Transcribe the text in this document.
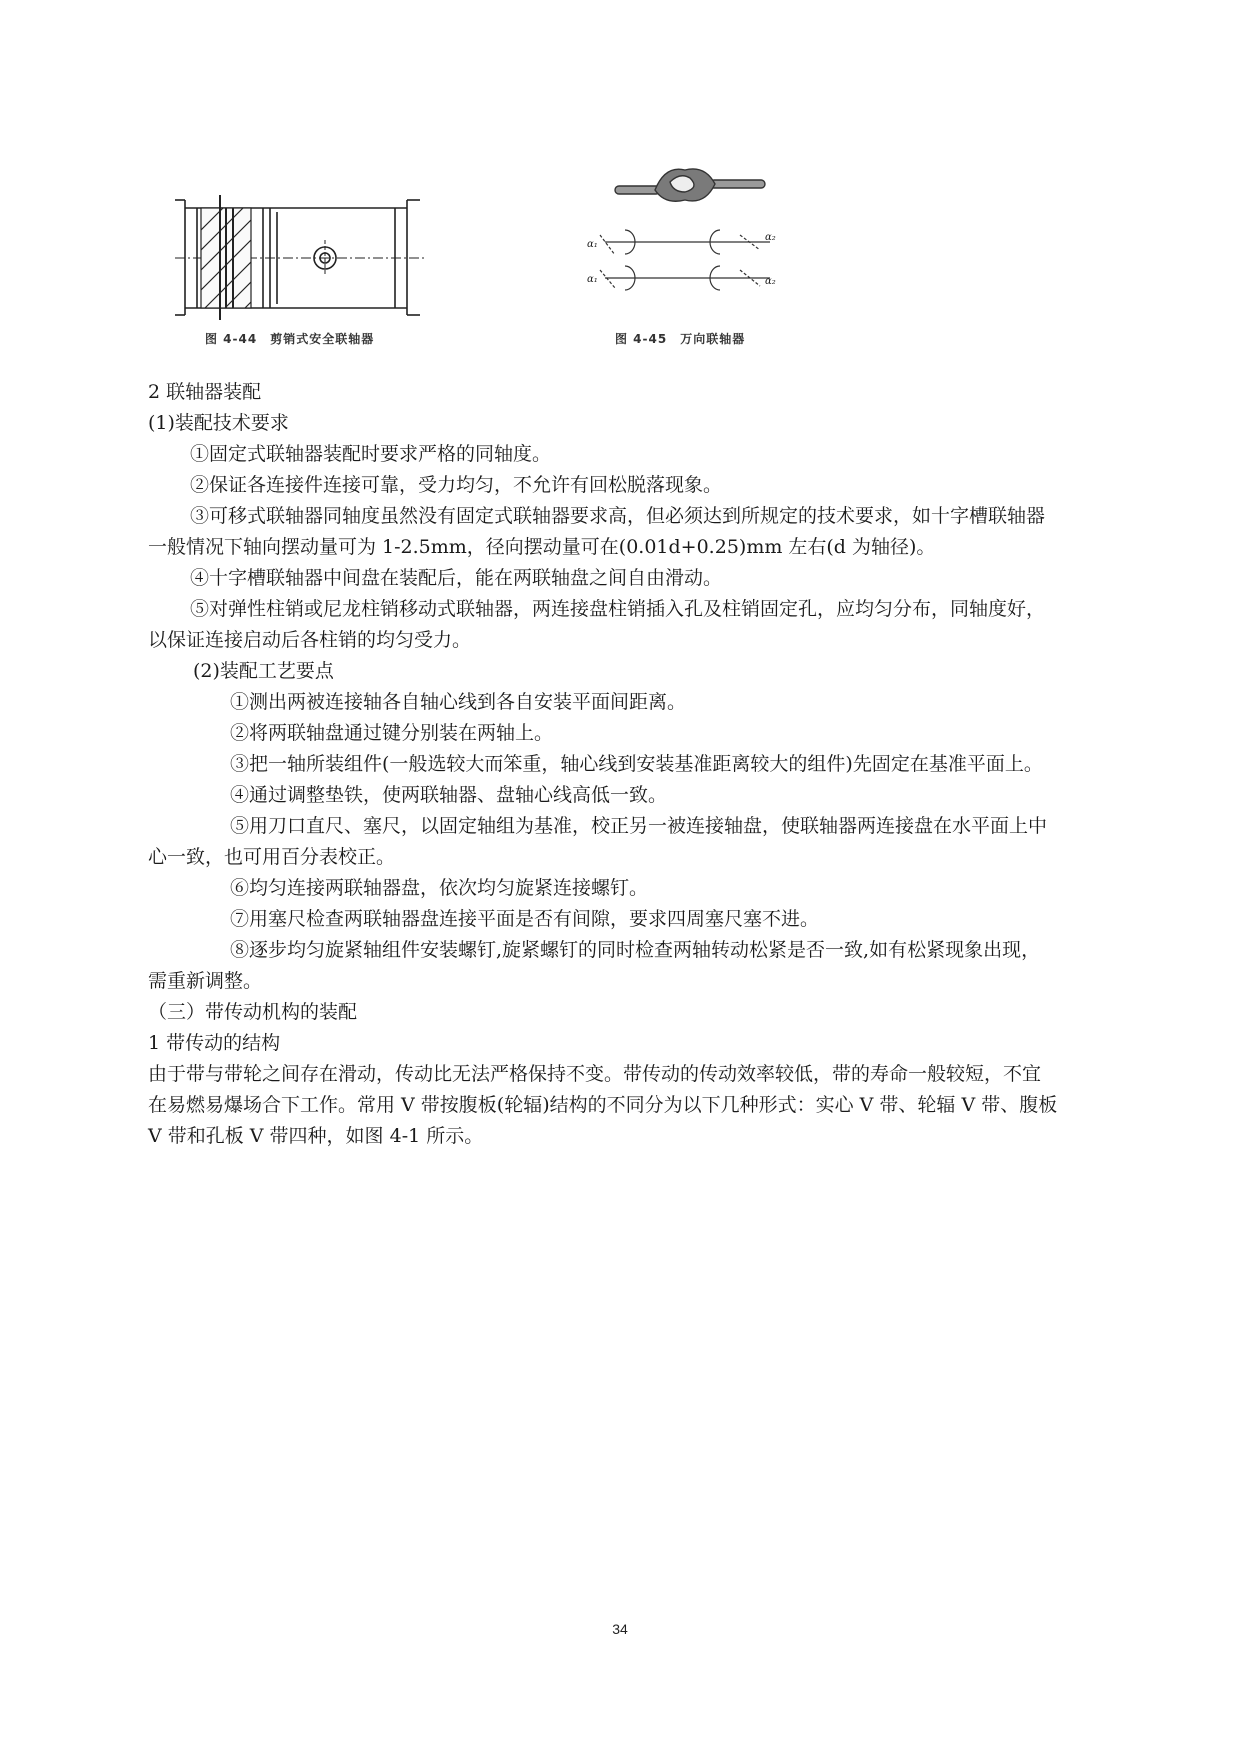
图 4-44　剪销式安全联轴器
α₁
α₂
α₁	α₂
图 4-45　万向联轴器
2 联轴器装配
(1)装配技术要求
①固定式联轴器装配时要求严格的同轴度。
②保证各连接件连接可靠，受力均匀，不允许有回松脱落现象。
③可移式联轴器同轴度虽然没有固定式联轴器要求高，但必须达到所规定的技术要求，如十字槽联轴器
一般情况下轴向摆动量可为 1-2.5mm，径向摆动量可在(0.01d+0.25)mm 左右(d 为轴径)。
④十字槽联轴器中间盘在装配后，能在两联轴盘之间自由滑动。
⑤对弹性柱销或尼龙柱销移动式联轴器，两连接盘柱销插入孔及柱销固定孔，应均匀分布，同轴度好，
以保证连接启动后各柱销的均匀受力。
(2)装配工艺要点
①测出两被连接轴各自轴心线到各自安装平面间距离。
②将两联轴盘通过键分别装在两轴上。
③把一轴所装组件(一般选较大而笨重，轴心线到安装基准距离较大的组件)先固定在基准平面上。
④通过调整垫铁，使两联轴器、盘轴心线高低一致。
⑤用刀口直尺、塞尺，以固定轴组为基准，校正另一被连接轴盘，使联轴器两连接盘在水平面上中
心一致，也可用百分表校正。
⑥均匀连接两联轴器盘，依次均匀旋紧连接螺钉。
⑦用塞尺检查两联轴器盘连接平面是否有间隙，要求四周塞尺塞不进。
⑧逐步均匀旋紧轴组件安装螺钉,旋紧螺钉的同时检查两轴转动松紧是否一致,如有松紧现象出现，
需重新调整。
（三）带传动机构的装配
1 带传动的结构
由于带与带轮之间存在滑动，传动比无法严格保持不变。带传动的传动效率较低，带的寿命一般较短，不宜
在易燃易爆场合下工作。常用 V 带按腹板(轮辐)结构的不同分为以下几种形式：实心 V 带、轮辐 V 带、腹板
V 带和孔板 V 带四种，如图 4-1 所示。
34
